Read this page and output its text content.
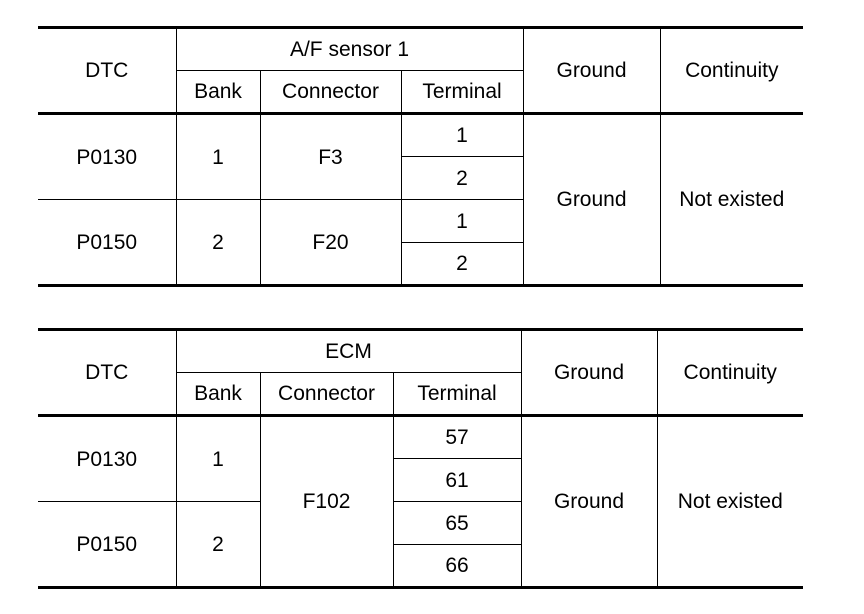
DTC	A/F sensor 1			Ground	Continuity
	Bank	Connector	Terminal		
P0130	1	F3	1	Ground	Not existed
			2		
P0150	2	F20	1		
			2		
DTC	ECM			Ground	Continuity
	Bank	Connector	Terminal		
P0130	1	F102	57	Ground	Not existed
			61		
P0150	2		65		
			66		
